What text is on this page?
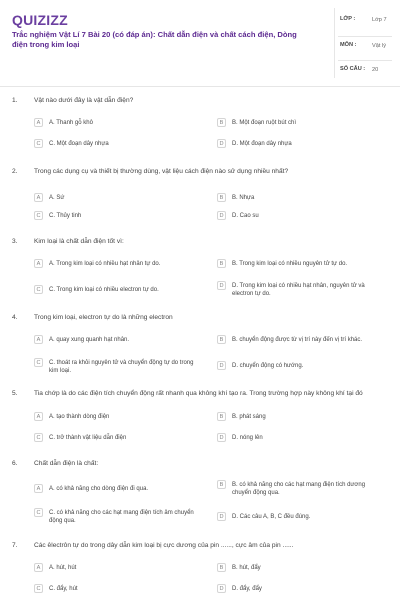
QUIZIZZ
Trắc nghiệm Vật Lí 7 Bài 20 (có đáp án): Chất dẫn điện và chất cách điện, Dòng điện trong kim loại
LỚP :	Lớp 7
MÔN :	Vật lý
SỐ CÂU : 20
1.	Vật nào dưới đây là vật dẫn điện?
A	A. Thanh gỗ khô	B	B. Một đoạn ruột bút chì
C	C. Một đoạn dây nhựa	D	D. Một đoạn dây nhựa
2.	Trong các dụng cụ và thiết bị thường dùng, vật liệu cách điện nào sử dụng nhiều nhất?
A	A. Sứ	B	B. Nhựa
C	C. Thủy tinh	D	D. Cao su
3.	Kim loại là chất dẫn điện tốt vì:
A	A. Trong kim loại có nhiều hạt nhân tự do.	B	B. Trong kim loại có nhiều nguyên tử tự do.
C	C. Trong kim loại có nhiều electron tự do.
D	D. Trong kim loại có nhiều hạt nhân, nguyên tử và electron tự do.
4.	Trong kim loại, electron tự do là những electron
A	A. quay xung quanh hạt nhân.	B	B. chuyển động được từ vị trí này đến vị trí khác.
C	C. thoát ra khỏi nguyên tử và chuyển động tự do trong kim loại.
D	D. chuyển động có hướng.
5.	Tia chớp là do các điện tích chuyển động rất nhanh qua không khí tạo ra. Trong trường hợp này không khí tại đó
A	A. tạo thành dòng điện	B	B. phát sáng
C	C. trở thành vật liệu dẫn điện	D	D. nóng lên
6.	Chất dẫn điện là chất:
A	A. có khả năng cho dòng điện đi qua.
B	B. có khả năng cho các hạt mang điện tích dương chuyển động qua.
C	C. có khả năng cho các hạt mang điện tích âm chuyển động qua.
D	D. Các câu A, B, C đều đúng.
7.	Các êlectrôn tự do trong dây dẫn kim loại bị cực dương của pin ......, cực âm của pin ......
A	A. hút, hút	B	B. hút, đẩy
C	C. đẩy, hút	D	D. đẩy, đẩy
